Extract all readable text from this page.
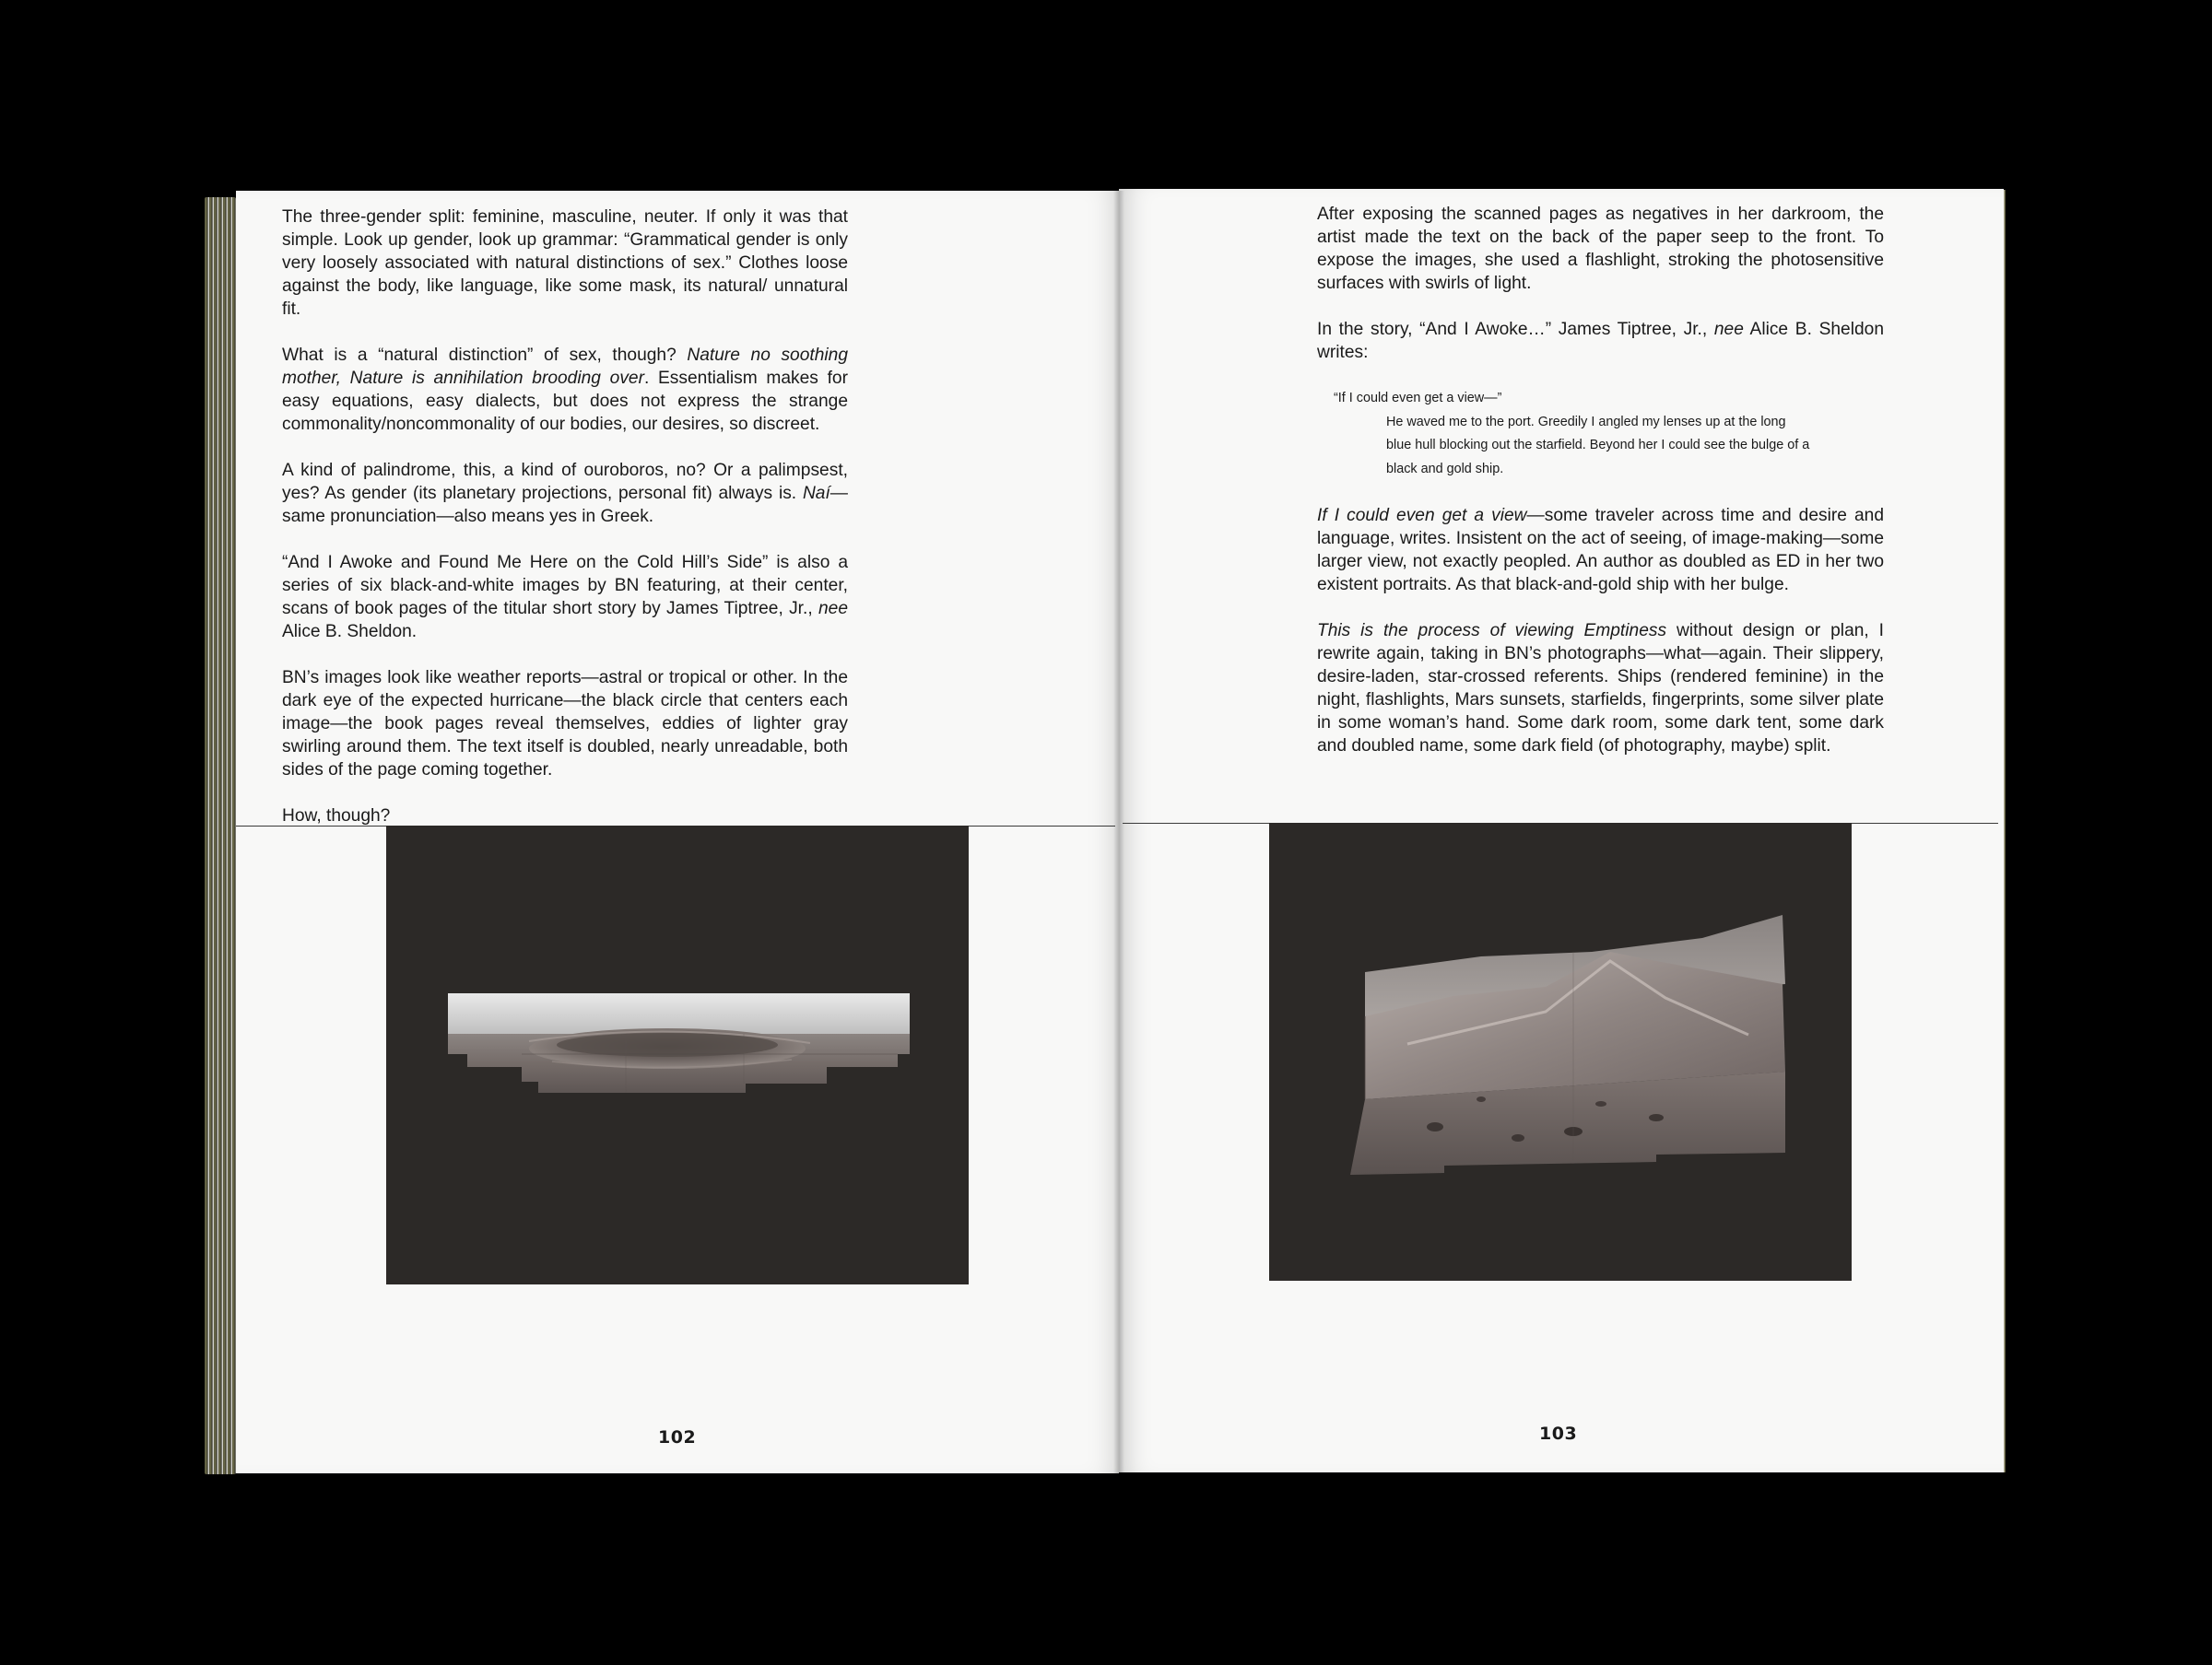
The three-gender split: feminine, masculine, neuter. If only it was that simple. Look up gender, look up grammar: “Grammatical gender is only very loosely associated with natural distinctions of sex.” Clothes loose against the body, like language, like some mask, its natural/ unnatural fit.

What is a “natural distinction” of sex, though? Nature no soothing mother, Nature is annihilation brooding over. Essentialism makes for easy equations, easy dialects, but does not express the strange commonality/noncommonality of our bodies, our desires, so discreet.

A kind of palindrome, this, a kind of ouroboros, no? Or a palimpsest, yes? As gender (its planetary projections, personal fit) always is. Naí—same pronunciation—also means yes in Greek.

“And I Awoke and Found Me Here on the Cold Hill’s Side” is also a series of six black-and-white images by BN featuring, at their center, scans of book pages of the titular short story by James Tiptree, Jr., nee Alice B. Sheldon.

BN’s images look like weather reports—astral or tropical or other. In the dark eye of the expected hurricane—the black circle that centers each image—the book pages reveal themselves, eddies of lighter gray swirling around them. The text itself is doubled, nearly unreadable, both sides of the page coming together.

How, though?

After exposing the scanned pages as negatives in her darkroom, the artist made the text on the back of the paper seep to the front. To expose the images, she used a flashlight, stroking the photosensitive surfaces with swirls of light.

In the story, “And I Awoke…” James Tiptree, Jr., nee Alice B. Sheldon writes:

“If I could even get a view—”
He waved me to the port. Greedily I angled my lenses up at the long blue hull blocking out the starfield. Beyond her I could see the bulge of a black and gold ship.

If I could even get a view—some traveler across time and desire and language, writes. Insistent on the act of seeing, of image-making—some larger view, not exactly peopled. An author as doubled as ED in her two existent portraits. As that black-and-gold ship with her bulge.

This is the process of viewing Emptiness without design or plan, I rewrite again, taking in BN’s photographs—what—again. Their slippery, desire-laden, star-crossed referents. Ships (rendered feminine) in the night, flashlights, Mars sunsets, starfields, fingerprints, some silver plate in some woman’s hand. Some dark room, some dark tent, some dark and doubled name, some dark field (of photography, maybe) split.

102	103
